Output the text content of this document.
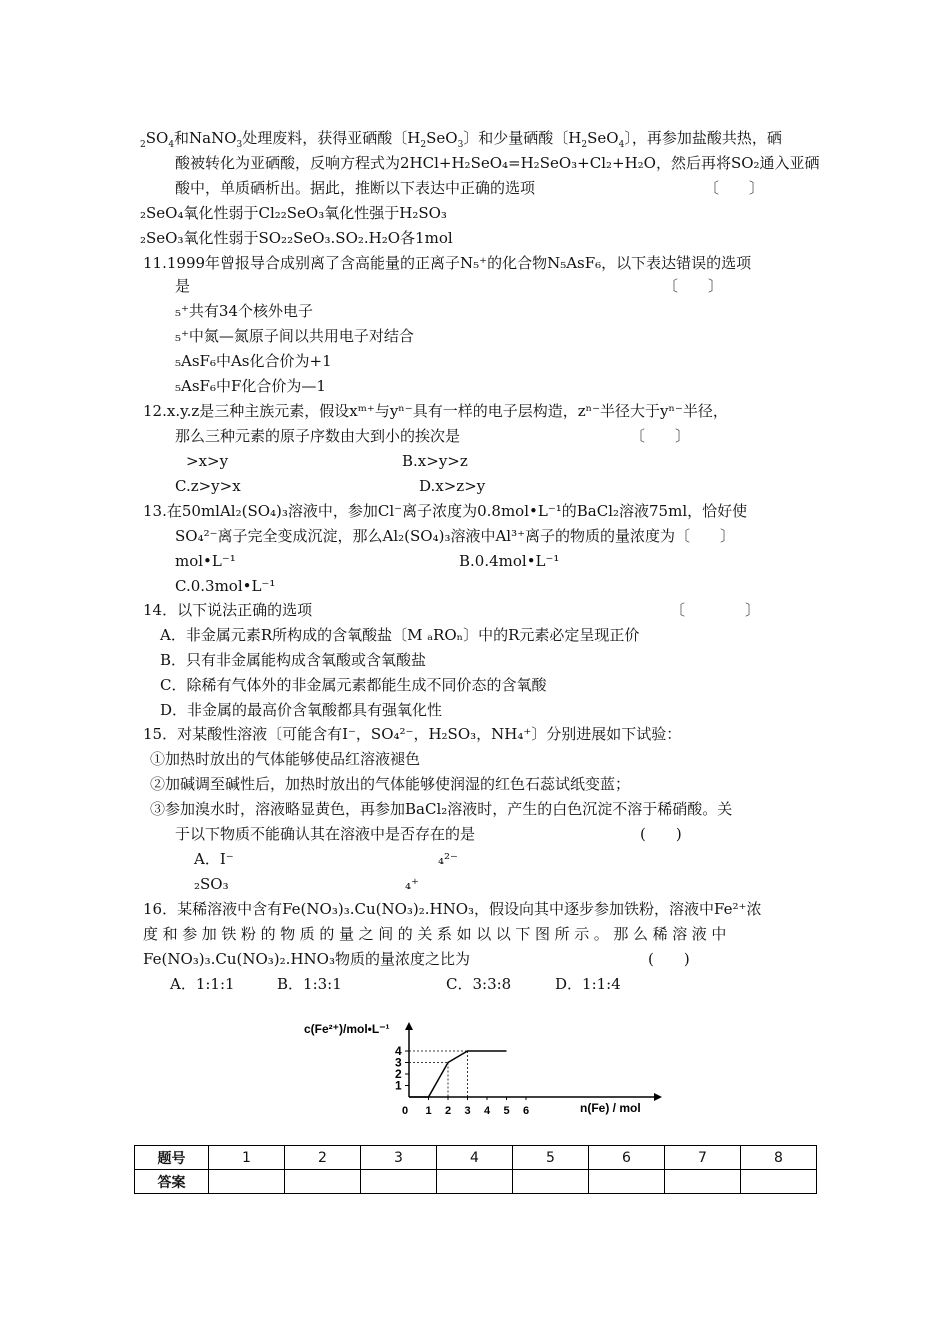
$_2SO_4$和NaNO$_3$处理废料，获得亚硒酸〔$H_2SeO_3$〕和少量硒酸〔$H_2SeO_4$〕，再参加盐酸共热，硒
酸被转化为亚硒酸，反响方程式为2HCl+H₂SeO₄=H₂SeO₃+Cl₂+H₂O，然后再将SO₂通入亚硒
酸中，单质硒析出。据此，推断以下表达中正确的选项	〔　　〕
₂SeO₄氧化性弱于Cl₂₂SeO₃氧化性强于H₂SO₃
₂SeO₃氧化性弱于SO₂₂SeO₃.SO₂.H₂O各1mol
11.1999年曾报导合成别离了含高能量的正离子N₅⁺的化合物N₅AsF₆，以下表达错误的选项
是	〔　　〕
₅⁺共有34个核外电子
₅⁺中氮—氮原子间以共用电子对结合
₅AsF₆中As化合价为+1
₅AsF₆中F化合价为—1
12.x.y.z是三种主族元素，假设xᵐ⁺与yⁿ⁻具有一样的电子层构造，zⁿ⁻半径大于yⁿ⁻半径，
那么三种元素的原子序数由大到小的挨次是	〔　　〕
>x>y	B.x>y>z
C.z>y>x	D.x>z>y
13.在50mlAl₂(SO₄)₃溶液中，参加Cl⁻离子浓度为0.8mol•L⁻¹的BaCl₂溶液75ml，恰好使
SO₄²⁻离子完全变成沉淀，那么Al₂(SO₄)₃溶液中Al³⁺离子的物质的量浓度为〔　　〕
mol•L⁻¹	B.0.4mol•L⁻¹
C.0.3mol•L⁻¹
14．以下说法正确的选项	〔　　　　〕
A．非金属元素R所构成的含氧酸盐〔M ₐROₙ〕中的R元素必定呈现正价
B．只有非金属能构成含氧酸或含氧酸盐
C．除稀有气体外的非金属元素都能生成不同价态的含氧酸
D．非金属的最高价含氧酸都具有强氧化性
15．对某酸性溶液〔可能含有I⁻，SO₄²⁻，H₂SO₃，NH₄⁺〕分别进展如下试验：
①加热时放出的气体能够使品红溶液褪色
②加碱调至碱性后，加热时放出的气体能够使润湿的红色石蕊试纸变蓝；
③参加溴水时，溶液略显黄色，再参加BaCl₂溶液时，产生的白色沉淀不溶于稀硝酸。关
于以下物质不能确认其在溶液中是否存在的是	(　　)
A．I⁻	₄²⁻
₂SO₃	₄⁺
16．某稀溶液中含有Fe(NO₃)₃.Cu(NO₃)₂.HNO₃，假设向其中逐步参加铁粉，溶液中Fe²⁺浓
度和参加铁粉的物质的量之间的关系如以以下图所示。那么稀溶液中
Fe(NO₃)₃.Cu(NO₃)₂.HNO₃物质的量浓度之比为	(　　)
A．1:1:1	B．1:3:1	C．3:3:8	D．1:1:4
c(Fe²⁺)/mol•L⁻¹
0
4
3
2
1
1 2 3 4 5 6	n(Fe) / mol
题号	1	2	3	4	5	6	7	8
答案								
